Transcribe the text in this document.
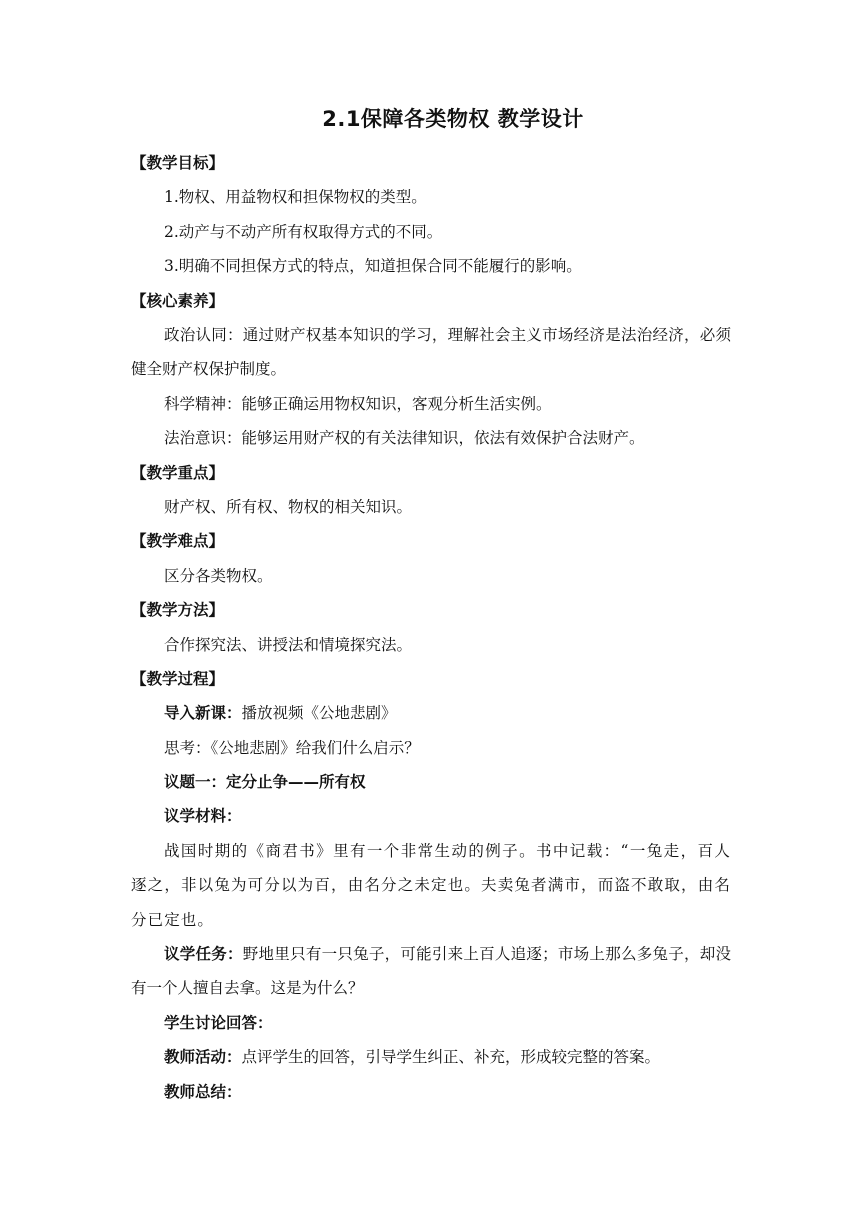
2.1保障各类物权 教学设计
【教学目标】
1.物权、用益物权和担保物权的类型。
2.动产与不动产所有权取得方式的不同。
3.明确不同担保方式的特点，知道担保合同不能履行的影响。
【核心素养】

政治认同：通过财产权基本知识的学习，理解社会主义市场经济是法治经济，必须健全财产权保护制度。

科学精神：能够正确运用物权知识，客观分析生活实例。
法治意识：能够运用财产权的有关法律知识，依法有效保护合法财产。
【教学重点】
财产权、所有权、物权的相关知识。
【教学难点】
区分各类物权。
【教学方法】
合作探究法、讲授法和情境探究法。
【教学过程】
导入新课：播放视频《公地悲剧》
思考：《公地悲剧》给我们什么启示？
议题一：定分止争——所有权
议学材料：

战国时期的《商君书》里有一个非常生动的例子。书中记载：“一兔走，百人逐之，非以兔为可分以为百，由名分之未定也。夫卖兔者满市，而盗不敢取，由名分已定也。

议学任务：野地里只有一只兔子，可能引来上百人追逐；市场上那么多兔子，却没有一个人擅自去拿。这是为什么？

学生讨论回答：
教师活动：点评学生的回答，引导学生纠正、补充，形成较完整的答案。
教师总结：
